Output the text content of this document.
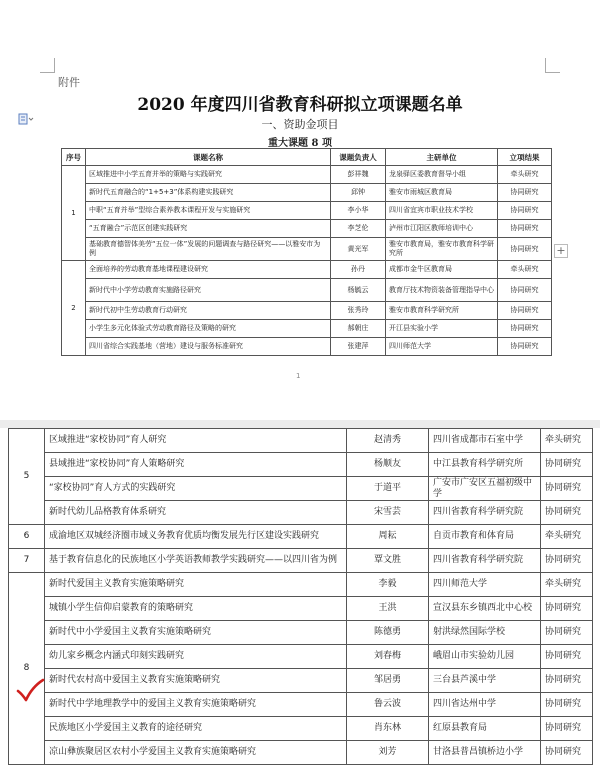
附件
2020 年度四川省教育科研拟立项课题名单
一、资助金项目
重大课题 8 项
序号	课题名称	课题负责人	主研单位	立项结果
1	区域推进中小学五育并举的策略与实践研究	彭祥魏	龙泉驿区委教育督导小组	牵头研究
	新时代五育融合的“1+5+3”体系构建实践研究	邱钟	雅安市雨城区教育局	协同研究
	中职“五育并举”型综合素养教本课程开发与实施研究	李小华	四川省宜宾市职业技术学校	协同研究
	“五育融合”示范区创建实践研究	李芝伦	泸州市江阳区教师培训中心	协同研究
	基础教育德智体美劳“五位一体”发展的问题调查与路径研究——以雅安市为例	黄光军	雅安市教育局，雅安市教育科学研究所	协同研究
2	全面培养的劳动教育基地课程建设研究	孙丹	成都市金牛区教育局	牵头研究
	新时代中小学劳动教育实施路径研究	杨毓云	教育厅技术物资装备管理指导中心	协同研究
	新时代初中生劳动教育行动研究	张秀玲	雅安市教育科学研究所	协同研究
	小学生多元化体验式劳动教育路径及策略的研究	郝朝庄	开江县实验小学	协同研究
	四川省综合实践基地（营地）建设与服务标准研究	张建萍	四川师范大学	协同研究
+
1
5	区域推进“家校协同”育人研究	赵清秀	四川省成都市石室中学	牵头研究
	县域推进“家校协同”育人策略研究	杨顺友	中江县教育科学研究所	协同研究
	“家校协同”育人方式的实践研究	于道平	广安市广安区五福初级中学	协同研究
	新时代幼儿品格教育体系研究	宋雪芸	四川省教育科学研究院	协同研究
6	成渝地区双城经济圈市域义务教育优质均衡发展先行区建设实践研究	周耘	自贡市教育和体育局	牵头研究
7	基于教育信息化的民族地区小学英语教师教学实践研究——以四川省为例	覃文胜	四川省教育科学研究院	协同研究
8	新时代爱国主义教育实施策略研究	李毅	四川师范大学	牵头研究
	城镇小学生信仰启蒙教育的策略研究	王洪	宣汉县东乡镇西北中心校	协同研究
	新时代中小学爱国主义教育实施策略研究	陈德勇	射洪绿然国际学校	协同研究
	幼儿家乡概念内涵式印刻实践研究	刘春梅	峨眉山市实验幼儿园	协同研究
	新时代农村高中爱国主义教育实施策略研究	邹居勇	三台县芦溪中学	协同研究
	新时代中学地理教学中的爱国主义教育实施策略研究	鲁云波	四川省达州中学	协同研究
	民族地区小学爱国主义教育的途径研究	肖东林	红原县教育局	协同研究
	凉山彝族聚居区农村小学爱国主义教育实施策略研究	刘芳	甘洛县普昌镇桥边小学	协同研究
